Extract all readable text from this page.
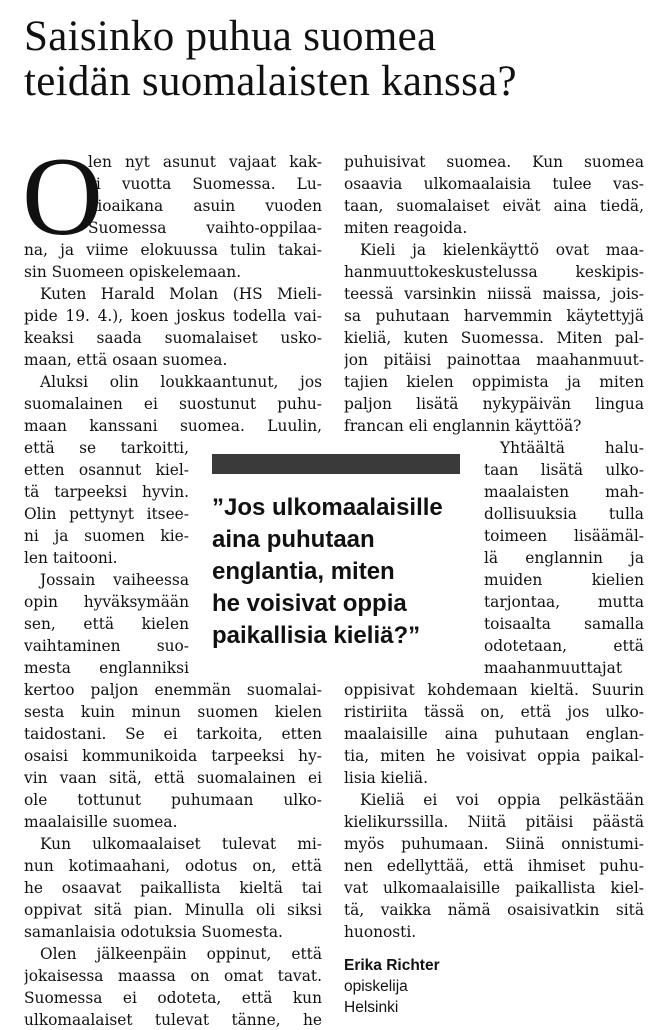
Saisinko puhua suomea
teidän suomalaisten kanssa?
O
len nyt asunut vajaat kak-
si vuotta Suomessa. Lu-
kioaikana asuin vuoden
Suomessa vaihto-oppilaa-
na, ja viime elokuussa tulin takai-
sin Suomeen opiskelemaan.
Kuten Harald Molan (HS Mieli-
pide 19. 4.), koen joskus todella vai-
keaksi saada suomalaiset usko-
maan, että osaan suomea.
Aluksi olin loukkaantunut, jos
suomalainen ei suostunut puhu-
maan kanssani suomea. Luulin,
että se tarkoitti,
etten osannut kiel-
tä tarpeeksi hyvin.
Olin pettynyt itsee-
ni ja suomen kie-
len taitooni.
Jossain vaiheessa
opin hyväksymään
sen, että kielen
vaihtaminen suo-
mesta englanniksi
kertoo paljon enemmän suomalai-
sesta kuin minun suomen kielen
taidostani. Se ei tarkoita, etten
osaisi kommunikoida tarpeeksi hy-
vin vaan sitä, että suomalainen ei
ole tottunut puhumaan ulko-
maalaisille suomea.
Kun ulkomaalaiset tulevat mi-
nun kotimaahani, odotus on, että
he osaavat paikallista kieltä tai
oppivat sitä pian. Minulla oli siksi
samanlaisia odotuksia Suomesta.
Olen jälkeenpäin oppinut, että
jokaisessa maassa on omat tavat.
Suomessa ei odoteta, että kun
ulkomaalaiset tulevat tänne, he
puhuisivat suomea. Kun suomea
osaavia ulkomaalaisia tulee vas-
taan, suomalaiset eivät aina tiedä,
miten reagoida.
Kieli ja kielenkäyttö ovat maa-
hanmuuttokeskustelussa keskipis-
teessä varsinkin niissä maissa, jois-
sa puhutaan harvemmin käytettyjä
kieliä, kuten Suomessa. Miten pal-
jon pitäisi painottaa maahanmuut-
tajien kielen oppimista ja miten
paljon lisätä nykypäivän lingua
francan eli englannin käyttöä?
Yhtäältä halu-
taan lisätä ulko-
maalaisten mah-
dollisuuksia tulla
toimeen lisäämäl-
lä englannin ja
muiden kielien
tarjontaa, mutta
toisaalta samalla
odotetaan, että
maahanmuuttajat
oppisivat kohdemaan kieltä. Suurin
ristiriita tässä on, että jos ulko-
maalaisille aina puhutaan englan-
tia, miten he voisivat oppia paikal-
lisia kieliä.
Kieliä ei voi oppia pelkästään
kielikurssilla. Niitä pitäisi päästä
myös puhumaan. Siinä onnistumi-
nen edellyttää, että ihmiset puhu-
vat ulkomaalaisille paikallista kiel-
tä, vaikka nämä osaisivatkin sitä
huonosti.
”Jos ulkomaalaisille
aina puhutaan
englantia, miten
he voisivat oppia
paikallisia kieliä?”
Erika Richter
opiskelija
Helsinki
